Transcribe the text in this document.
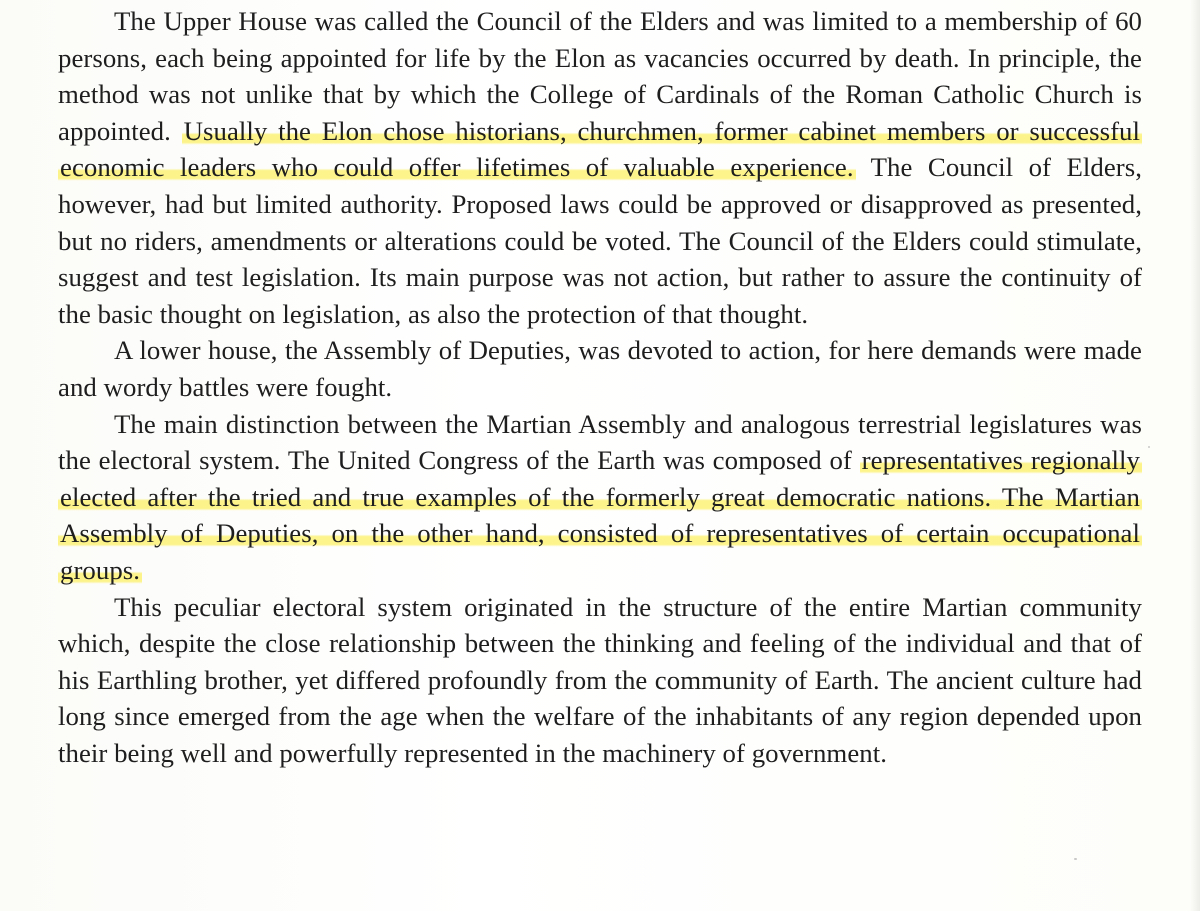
The Upper House was called the Council of the Elders and was limited to a membership of 60 persons, each being appointed for life by the Elon as vacancies occurred by death. In principle, the method was not unlike that by which the College of Cardinals of the Roman Catholic Church is appointed. Usually the Elon chose historians, churchmen, former cabinet members or successful economic leaders who could offer lifetimes of valuable experience. The Council of Elders, however, had but limited authority. Proposed laws could be approved or disapproved as presented, but no riders, amendments or alterations could be voted. The Council of the Elders could stimulate, suggest and test legislation. Its main purpose was not action, but rather to assure the continuity of the basic thought on legislation, as also the protection of that thought.

A lower house, the Assembly of Deputies, was devoted to action, for here demands were made and wordy battles were fought.

The main distinction between the Martian Assembly and analogous terrestrial legislatures was the electoral system. The United Congress of the Earth was composed of representatives regionally elected after the tried and true examples of the formerly great democratic nations. The Martian Assembly of Deputies, on the other hand, consisted of representatives of certain occupational groups.

This peculiar electoral system originated in the structure of the entire Martian community which, despite the close relationship between the thinking and feeling of the individual and that of his Earthling brother, yet differed profoundly from the community of Earth. The ancient culture had long since emerged from the age when the welfare of the inhabitants of any region depended upon their being well and powerfully represented in the machinery of government.
